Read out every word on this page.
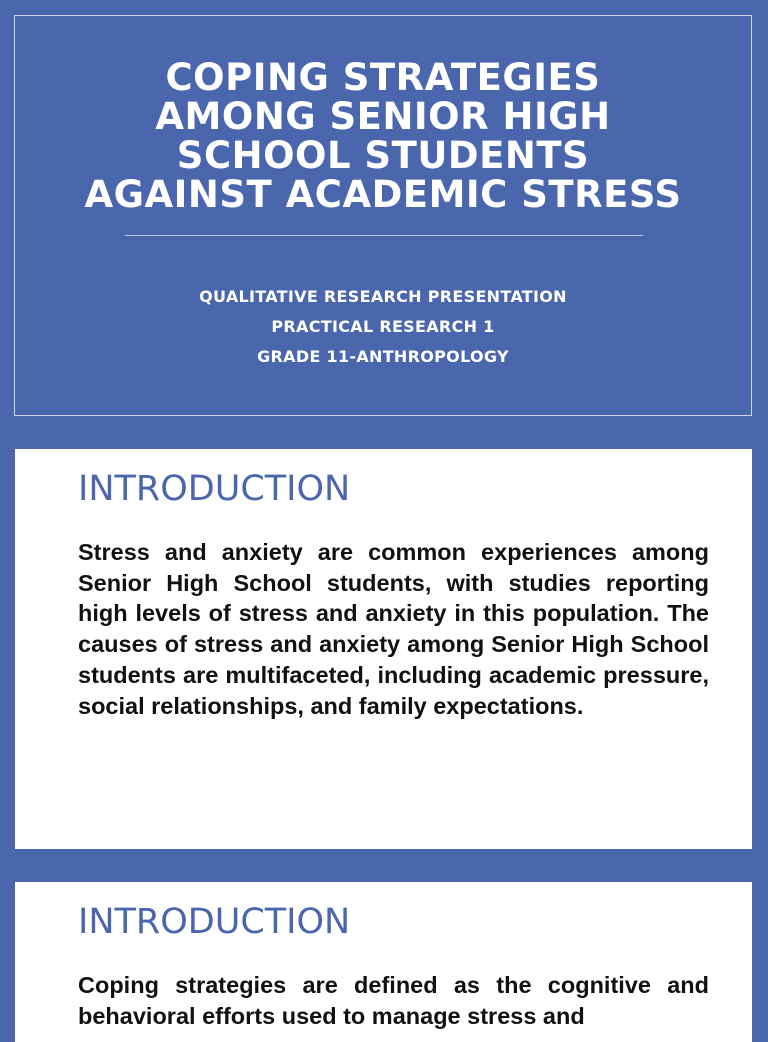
COPING STRATEGIES
AMONG SENIOR HIGH
SCHOOL STUDENTS
AGAINST ACADEMIC STRESS
QUALITATIVE RESEARCH PRESENTATION
PRACTICAL RESEARCH 1
GRADE 11-ANTHROPOLOGY
INTRODUCTION

Stress and anxiety are common experiences among Senior High School students, with studies reporting high levels of stress and anxiety in this population. The causes of stress and anxiety among Senior High School students are multifaceted, including academic pressure, social relationships, and family expectations.

INTRODUCTION

Coping strategies are defined as the cognitive and behavioral efforts used to manage stress and
